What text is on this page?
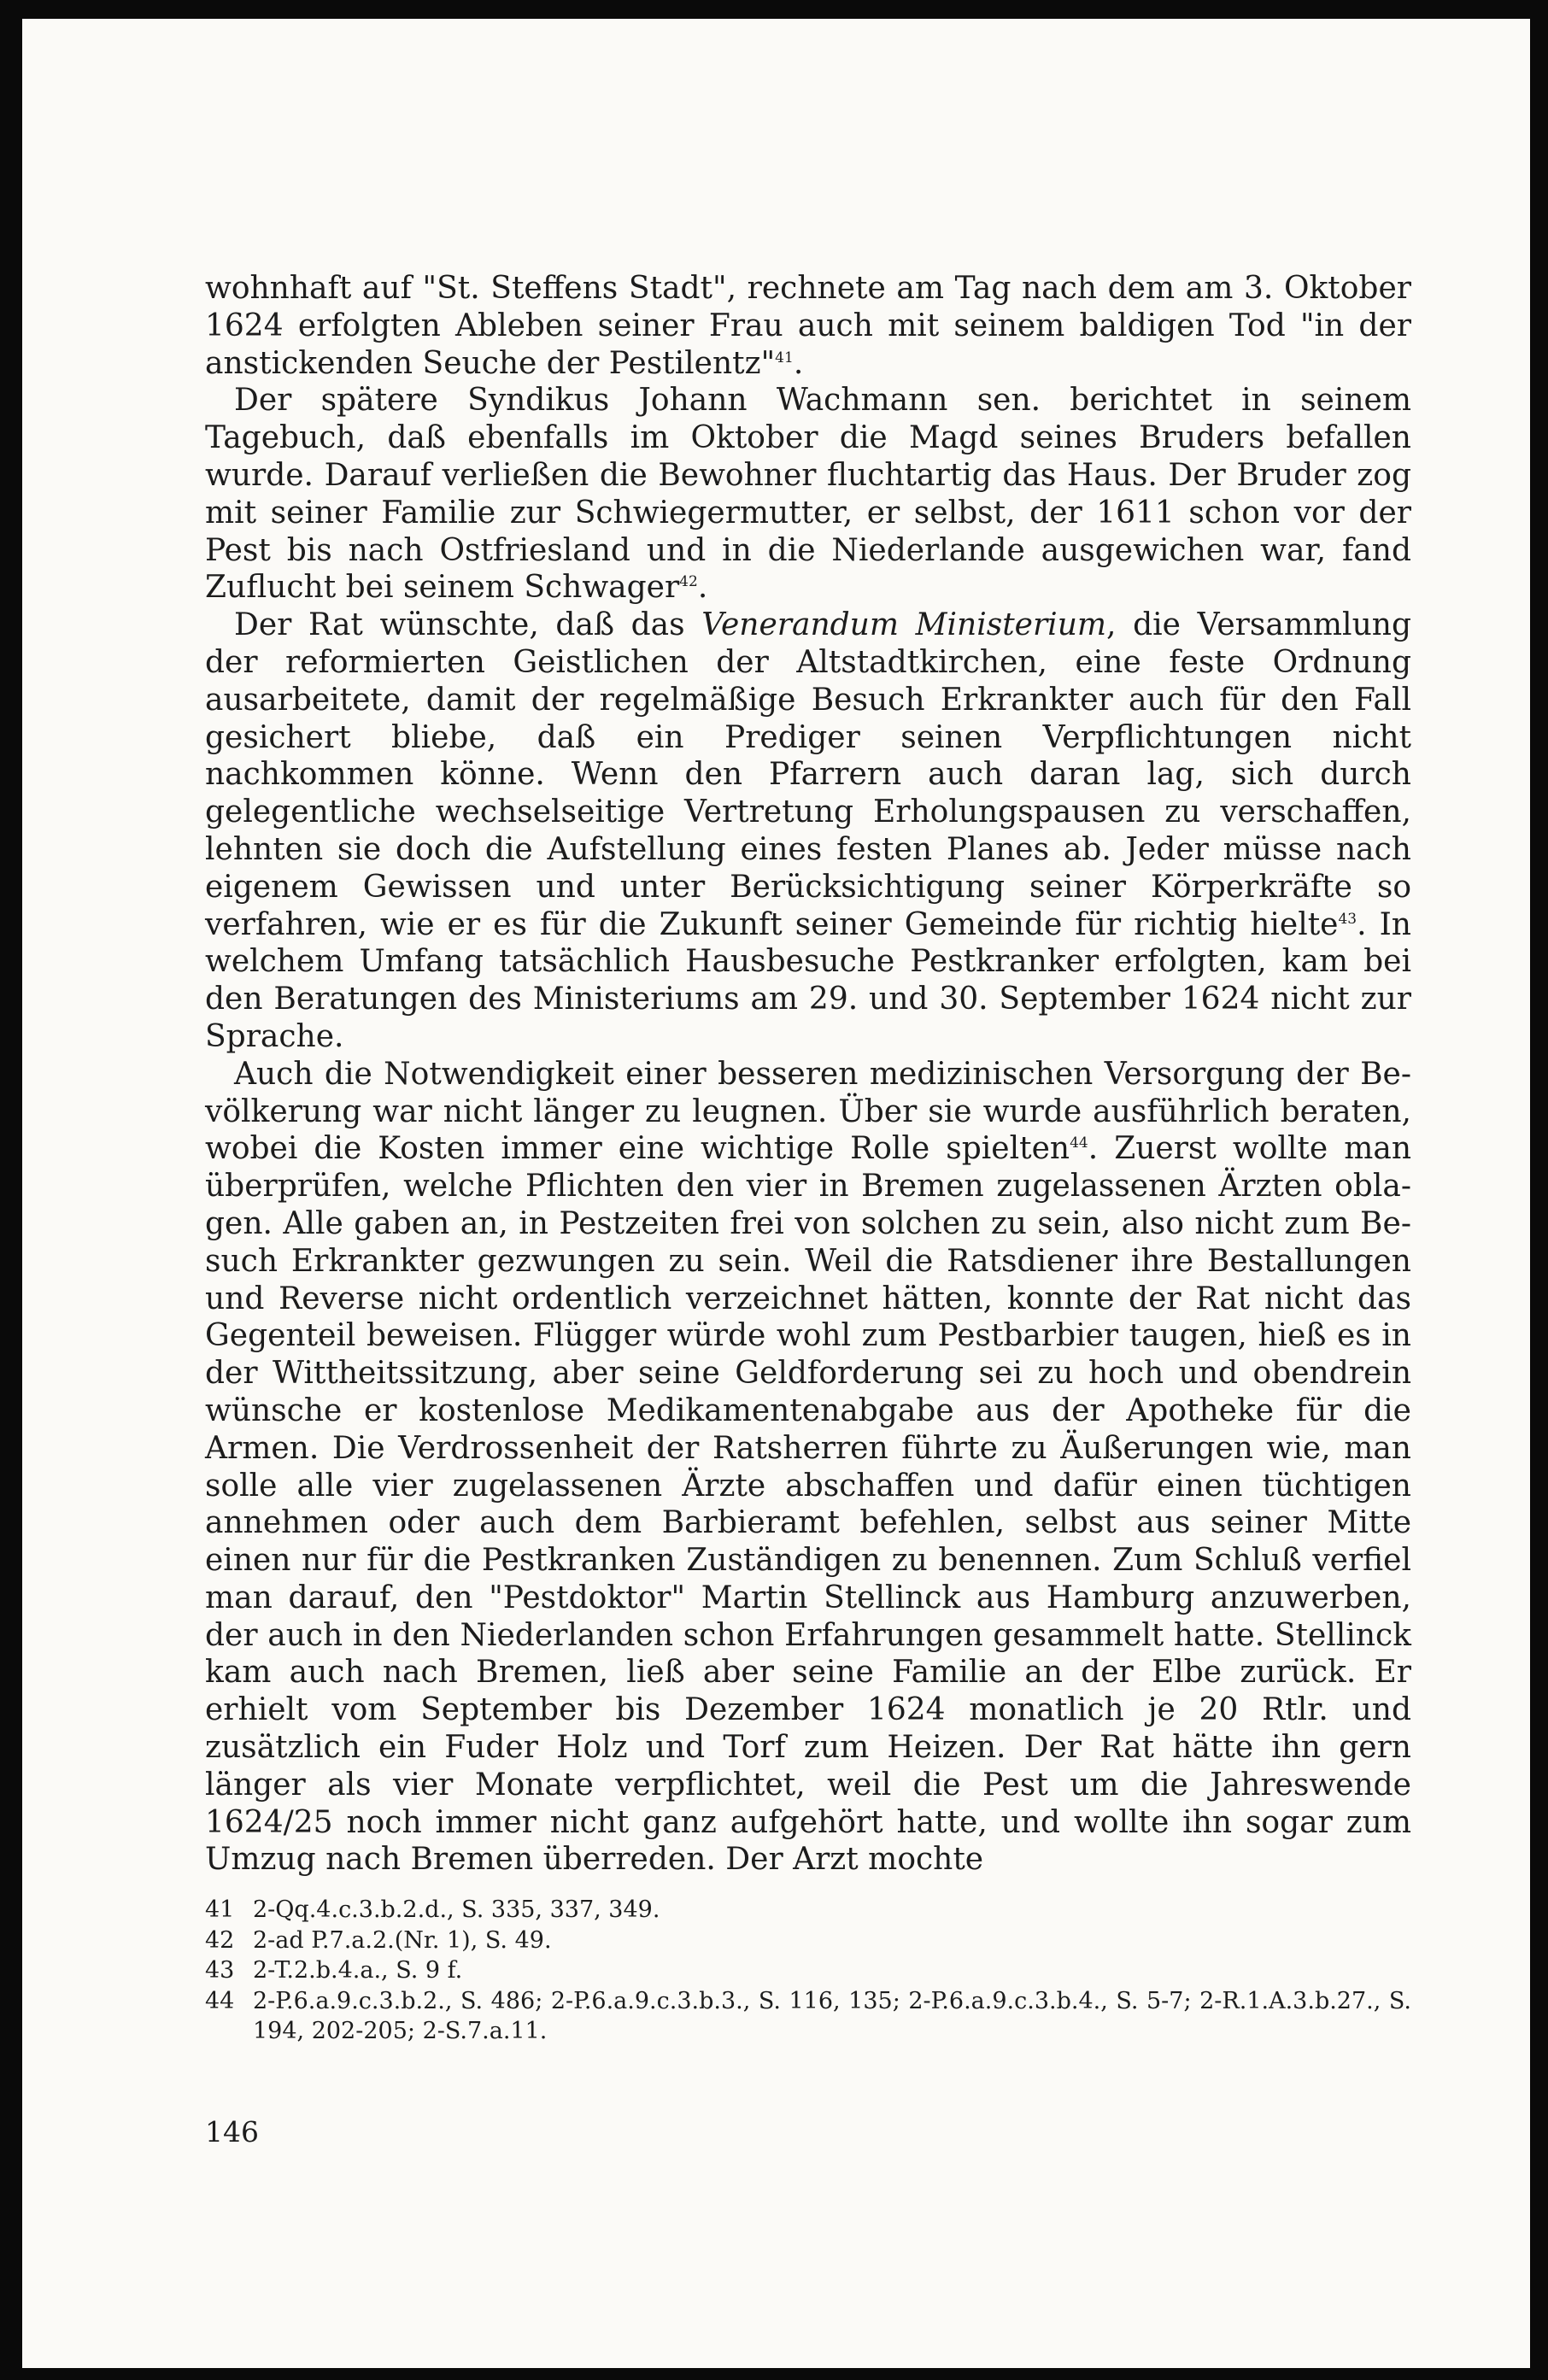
wohnhaft auf "St. Steffens Stadt", rechnete am Tag nach dem am 3. Oktober 1624 erfolgten Ableben seiner Frau auch mit seinem baldigen Tod "in der anstickenden Seuche der Pestilentz"$^{41}$.

Der spätere Syndikus Johann Wachmann sen. berichtet in seinem Tagebuch, daß ebenfalls im Oktober die Magd seines Bruders befallen wurde. Darauf verließen die Bewohner fluchtartig das Haus. Der Bruder zog mit seiner Familie zur Schwiegermutter, er selbst, der 1611 schon vor der Pest bis nach Ostfriesland und in die Niederlande ausgewichen war, fand Zuflucht bei seinem Schwager$^{42}$.

Der Rat wünschte, daß das Venerandum Ministerium, die Versammlung der reformierten Geistlichen der Altstadtkirchen, eine feste Ordnung ausarbeitete, damit der regelmäßige Besuch Erkrankter auch für den Fall gesichert bliebe, daß ein Prediger seinen Verpflichtungen nicht nachkommen könne. Wenn den Pfarrern auch daran lag, sich durch gelegentliche wechselseitige Vertretung Erholungspausen zu verschaffen, lehnten sie doch die Aufstellung eines festen Planes ab. Jeder müsse nach eigenem Gewissen und unter Berücksichtigung seiner Körperkräfte so verfahren, wie er es für die Zukunft seiner Gemeinde für richtig hielte$^{43}$. In welchem Umfang tatsächlich Hausbesuche Pestkranker erfolgten, kam bei den Beratungen des Ministeriums am 29. und 30. September 1624 nicht zur Sprache.

Auch die Notwendigkeit einer besseren medizinischen Versorgung der Bevölkerung war nicht länger zu leugnen. Über sie wurde ausführlich beraten, wobei die Kosten immer eine wichtige Rolle spielten$^{44}$. Zuerst wollte man überprüfen, welche Pflichten den vier in Bremen zugelassenen Ärzten oblagen. Alle gaben an, in Pestzeiten frei von solchen zu sein, also nicht zum Besuch Erkrankter gezwungen zu sein. Weil die Ratsdiener ihre Bestallungen und Reverse nicht ordentlich verzeichnet hätten, konnte der Rat nicht das Gegenteil beweisen. Flügger würde wohl zum Pestbarbier taugen, hieß es in der Wittheitssitzung, aber seine Geldforderung sei zu hoch und obendrein wünsche er kostenlose Medikamentenabgabe aus der Apotheke für die Armen. Die Verdrossenheit der Ratsherren führte zu Äußerungen wie, man solle alle vier zugelassenen Ärzte abschaffen und dafür einen tüchtigen annehmen oder auch dem Barbieramt befehlen, selbst aus seiner Mitte einen nur für die Pestkranken Zuständigen zu benennen. Zum Schluß verfiel man darauf, den "Pestdoktor" Martin Stellinck aus Hamburg anzuwerben, der auch in den Niederlanden schon Erfahrungen gesammelt hatte. Stellinck kam auch nach Bremen, ließ aber seine Familie an der Elbe zurück. Er erhielt vom September bis Dezember 1624 monatlich je 20 Rtlr. und zusätzlich ein Fuder Holz und Torf zum Heizen. Der Rat hätte ihn gern länger als vier Monate verpflichtet, weil die Pest um die Jahreswende 1624/25 noch immer nicht ganz aufgehört hatte, und wollte ihn sogar zum Umzug nach Bremen überreden. Der Arzt mochte

41 2-Qq.4.c.3.b.2.d., S. 335, 337, 349.
42 2-ad P.7.a.2.(Nr. 1), S. 49.
43 2-T.2.b.4.a., S. 9 f.
44 2-P.6.a.9.c.3.b.2., S. 486; 2-P.6.a.9.c.3.b.3., S. 116, 135; 2-P.6.a.9.c.3.b.4., S. 5-7; 2-R.1.A.3.b.27., S. 194, 202-205; 2-S.7.a.11.
146
